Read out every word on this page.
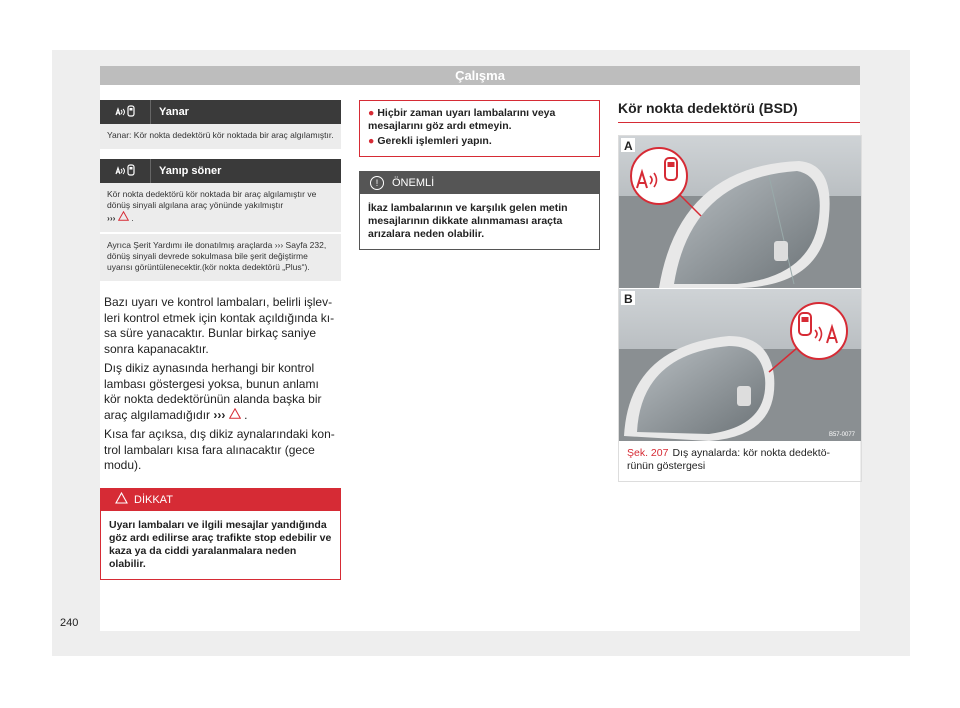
Çalışma
Yanar
Yanar: Kör nokta dedektörü kör noktada bir araç algılamıştır.
Yanıp söner
Kör nokta dedektörü kör noktada bir araç algılamıştır ve dönüş sinyali algılana araç yönünde yakılmıştır
››› .
Ayrıca Şerit Yardımı ile donatılmış araçlarda ››› Sayfa 232, dönüş sinyali devrede sokulmasa bile şerit değiştirme uyarısı görüntülenecektir.(kör nokta dedektörü „Plus“).

Bazı uyarı ve kontrol lambaları, belirli işlevleri kontrol etmek için kontak açıldığında kısa süre yanacaktır. Bunlar birkaç saniye sonra kapanacaktır.

Dış dikiz aynasında herhangi bir kontrol lambası göstergesi yoksa, bunun anlamı kör nokta dedektörünün alanda başka bir araç algılamadığıdır ››› .

Kısa far açıksa, dış dikiz aynalarındaki kontrol lambaları kısa fara alınacaktır (gece modu).

DİKKAT
Uyarı lambaları ve ilgili mesajlar yandığında göz ardı edilirse araç trafikte stop edebilir ve kaza ya da ciddi yaralanmalara neden olabilir.
● Hiçbir zaman uyarı lambalarını veya mesajlarını göz ardı etmeyin.
● Gerekli işlemleri yapın.
!	ÖNEMLİ
İkaz lambalarının ve karşılık gelen metin mesajlarının dikkate alınmaması araçta arızalara neden olabilir.
Kör nokta dedektörü (BSD)
A
B
B57-0077
Şek. 207 Dış aynalarda: kör nokta dedektörünün göstergesi
240
